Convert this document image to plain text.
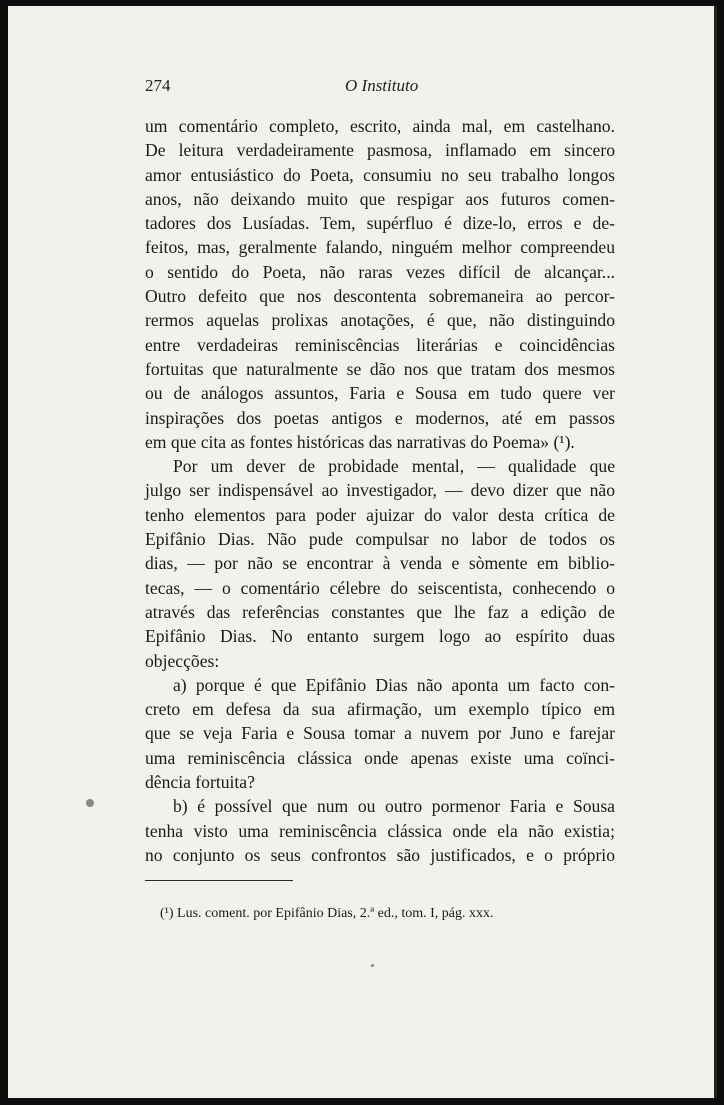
274	O Instituto
um comentário completo, escrito, ainda mal, em castelhano.
De leitura verdadeiramente pasmosa, inflamado em sincero
amor entusiástico do Poeta, consumiu no seu trabalho longos
anos, não deixando muito que respigar aos futuros comen-
tadores dos Lusíadas. Tem, supérfluo é dize-lo, erros e de-
feitos, mas, geralmente falando, ninguém melhor compreendeu
o sentido do Poeta, não raras vezes difícil de alcançar...
Outro defeito que nos descontenta sobremaneira ao percor-
rermos aquelas prolixas anotações, é que, não distinguindo
entre verdadeiras reminiscências literárias e coincidências
fortuitas que naturalmente se dão nos que tratam dos mesmos
ou de análogos assuntos, Faria e Sousa em tudo quere ver
inspirações dos poetas antigos e modernos, até em passos
em que cita as fontes históricas das narrativas do Poema» (¹).
Por um dever de probidade mental, — qualidade que
julgo ser indispensável ao investigador, — devo dizer que não
tenho elementos para poder ajuizar do valor desta crítica de
Epifânio Dias. Não pude compulsar no labor de todos os
dias, — por não se encontrar à venda e sòmente em biblio-
tecas, — o comentário célebre do seiscentista, conhecendo o
através das referências constantes que lhe faz a edição de
Epifânio Dias. No entanto surgem logo ao espírito duas
objecções:
a) porque é que Epifânio Dias não aponta um facto con-
creto em defesa da sua afirmação, um exemplo típico em
que se veja Faria e Sousa tomar a nuvem por Juno e farejar
uma reminiscência clássica onde apenas existe uma coïnci-
dência fortuita?
b) é possível que num ou outro pormenor Faria e Sousa
tenha visto uma reminiscência clássica onde ela não existia;
no conjunto os seus confrontos são justificados, e o próprio
(¹) Lus. coment. por Epifânio Dias, 2.ª ed., tom. I, pág. xxx.
